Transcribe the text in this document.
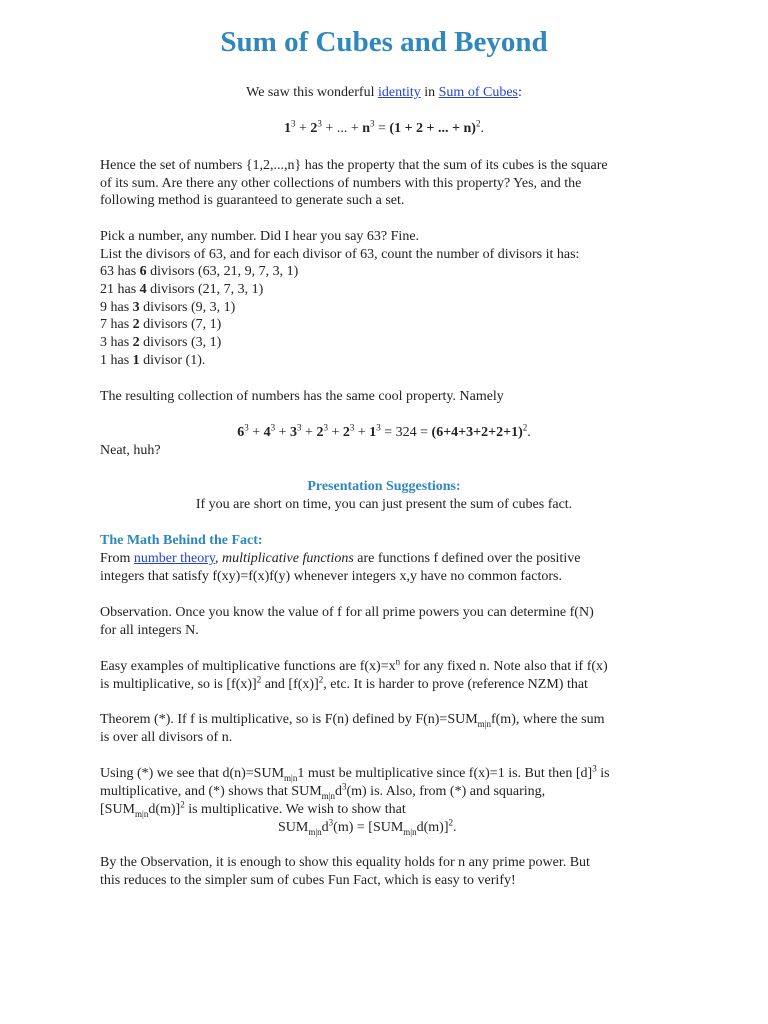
Sum of Cubes and Beyond
We saw this wonderful identity in Sum of Cubes:
$1^3 + 2^3$ + ... + $n^3 = (1 + 2$ + ... + n)$^2$.
Hence the set of numbers {1,2,...,n} has the property that the sum of its cubes is the square
of its sum. Are there any other collections of numbers with this property? Yes, and the
following method is guaranteed to generate such a set.
Pick a number, any number. Did I hear you say 63? Fine.
List the divisors of 63, and for each divisor of 63, count the number of divisors it has:
63 has 6 divisors (63, 21, 9, 7, 3, 1)
21 has 4 divisors (21, 7, 3, 1)
9 has 3 divisors (9, 3, 1)
7 has 2 divisors (7, 1)
3 has 2 divisors (3, 1)
1 has 1 divisor (1).
The resulting collection of numbers has the same cool property. Namely
$6^3 + 4^3 + 3^3 + 2^3 + 2^3 + 1^3 = 324 = (6+4+3+2+2+1)^2$.
Neat, huh?
Presentation Suggestions:
If you are short on time, you can just present the sum of cubes fact.
The Math Behind the Fact:
From number theory, multiplicative functions are functions f defined over the positive
integers that satisfy f(xy)=f(x)f(y) whenever integers x,y have no common factors.
Observation. Once you know the value of f for all prime powers you can determine f(N)
for all integers N.
Easy examples of multiplicative functions are $f(x)=x^n$ for any fixed n. Note also that if f(x)
is multiplicative, so is $[f(x)]^2$ and $[f(x)]^2$, etc. It is harder to prove (reference NZM) that
Theorem (*). If f is multiplicative, so is F(n) defined by $F(n)=SUM_{m|n}f(m)$, where the sum
is over all divisors of n.
Using (*) we see that $d(n)=SUM_{m|n}1$ must be multiplicative since f(x)=1 is. But then $[d]^3$ is
multiplicative, and (*) shows that $SUM_{m|n}d^3(m)$ is. Also, from (*) and squaring,
$[SUM_{m|n}d(m)]^2$ is multiplicative. We wish to show that
$SUM_{m|n}d^3(m) = [SUM_{m|n}d(m)]^2$.
By the Observation, it is enough to show this equality holds for n any prime power. But
this reduces to the simpler sum of cubes Fun Fact, which is easy to verify!
